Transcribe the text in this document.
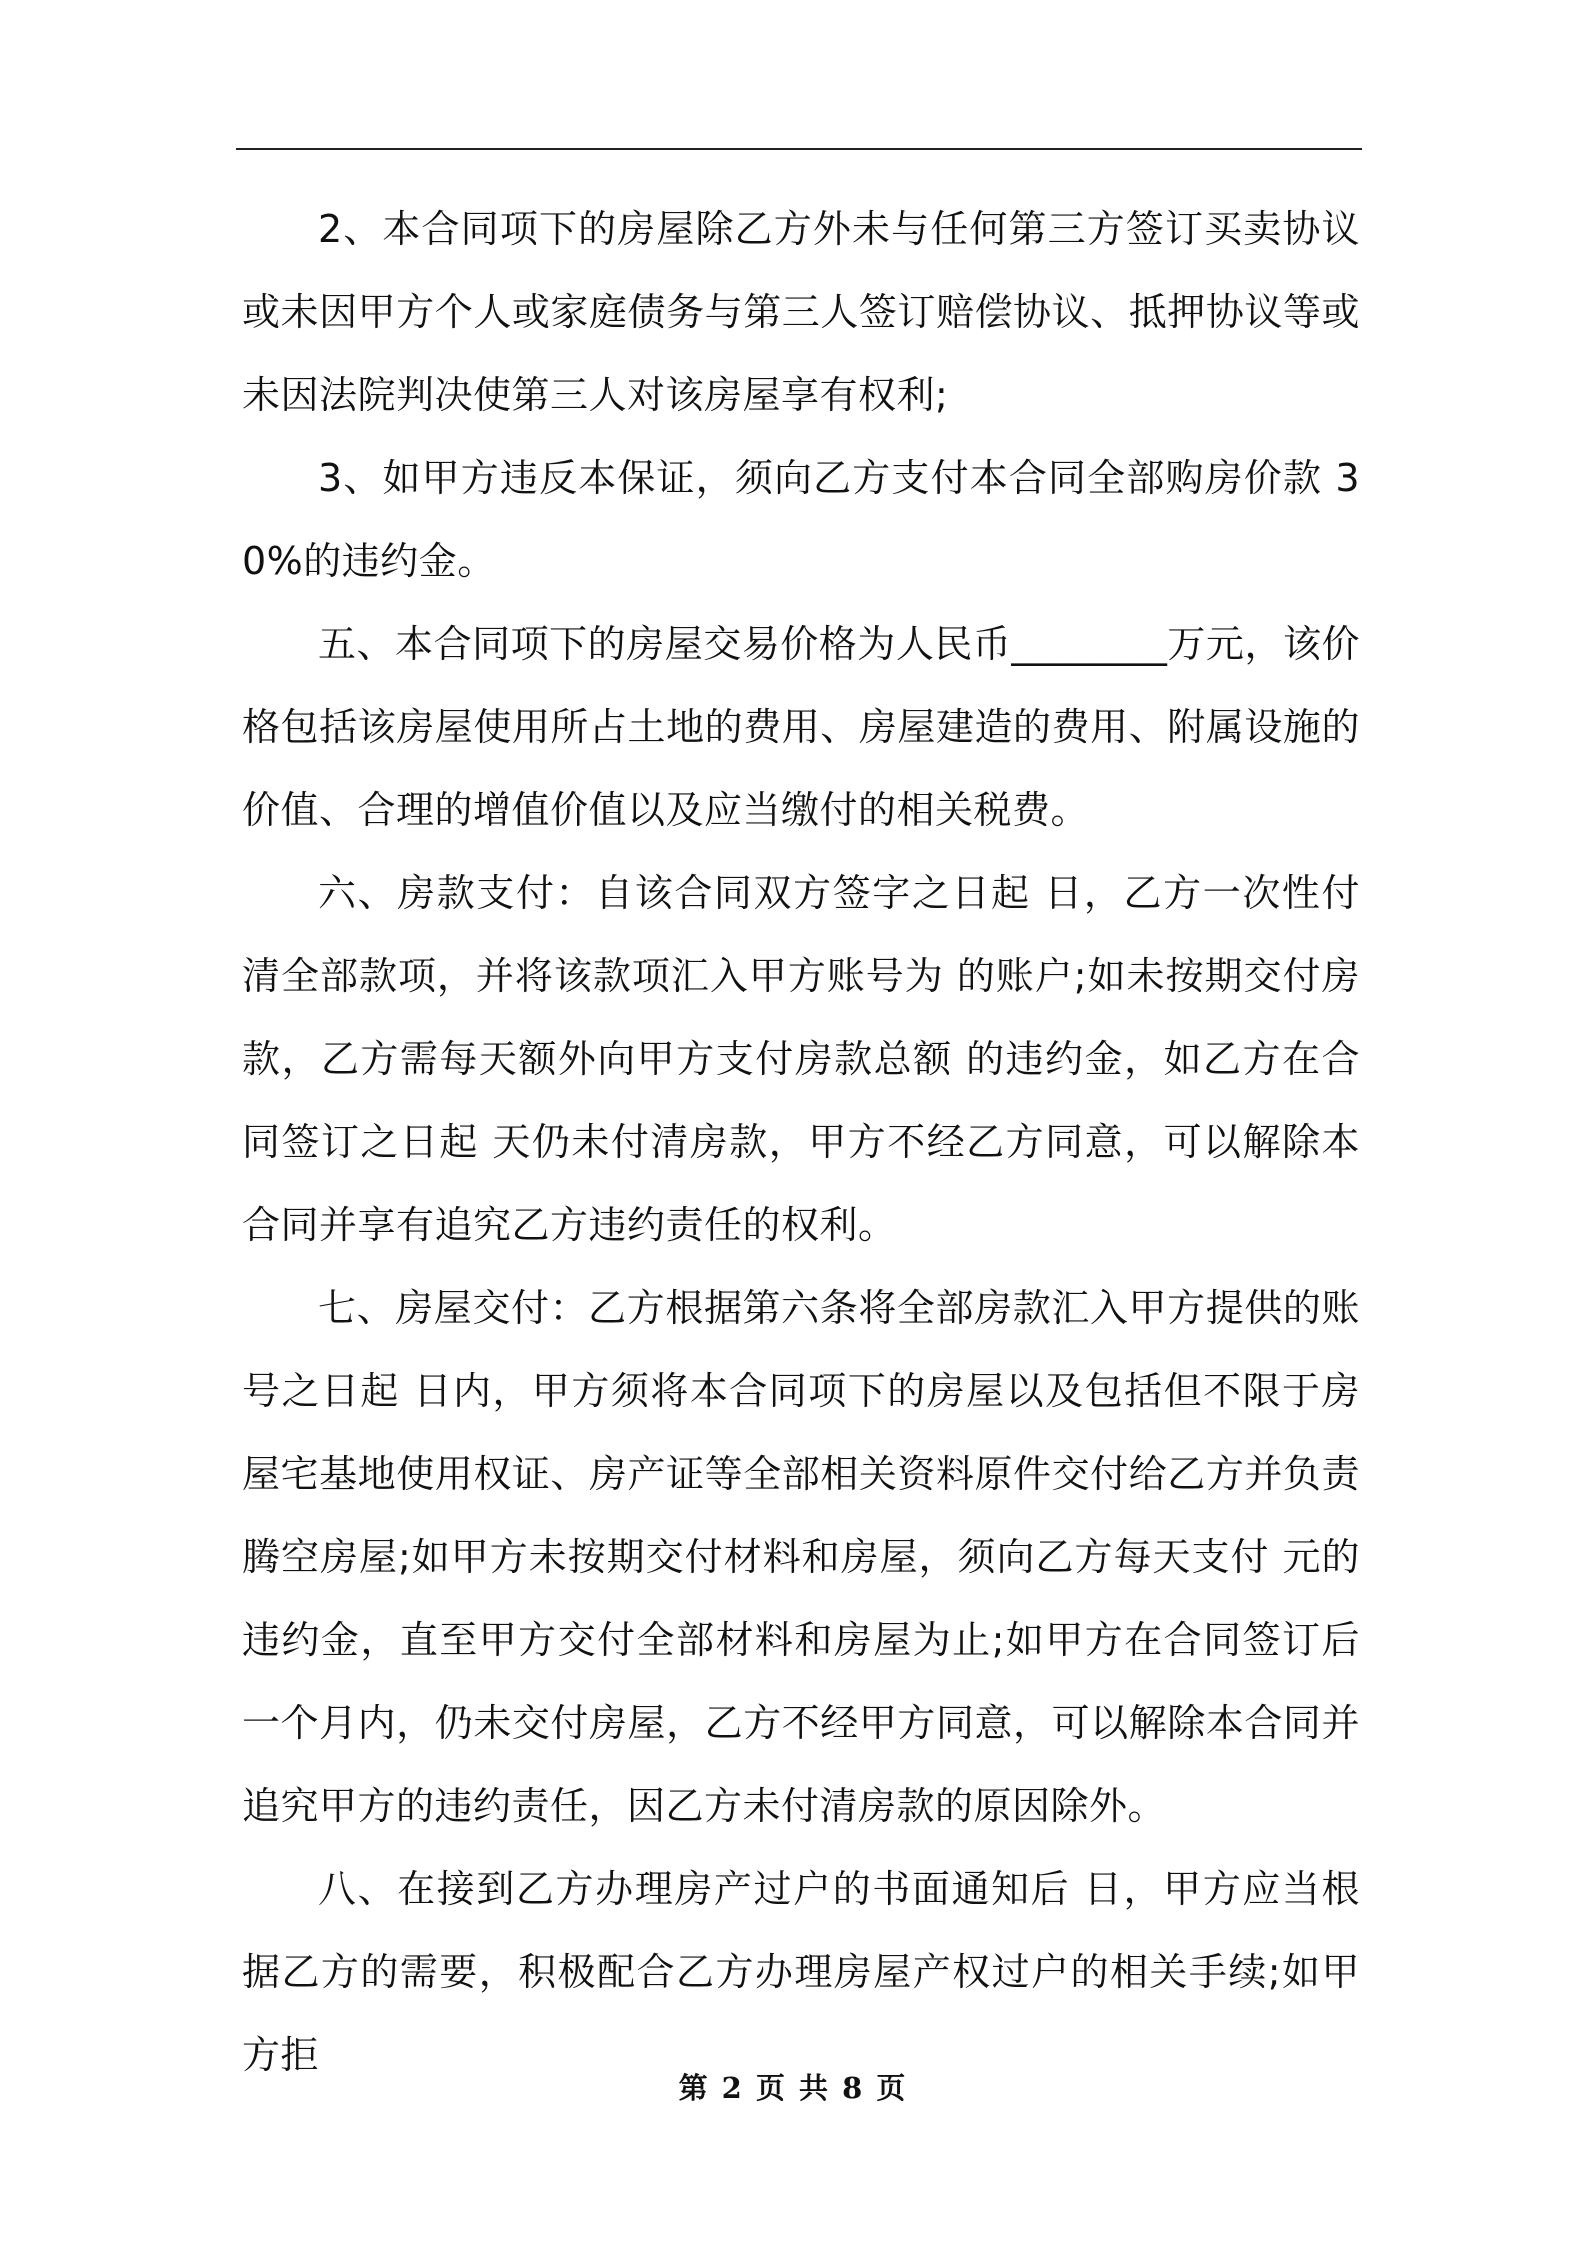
2、本合同项下的房屋除乙方外未与任何第三方签订买卖协议或未因甲方个人或家庭债务与第三人签订赔偿协议、抵押协议等或未因法院判决使第三人对该房屋享有权利;

3、如甲方违反本保证，须向乙方支付本合同全部购房价款 30%的违约金。

五、本合同项下的房屋交易价格为人民币________万元，该价格包括该房屋使用所占土地的费用、房屋建造的费用、附属设施的价值、合理的增值价值以及应当缴付的相关税费。

六、房款支付：自该合同双方签字之日起 日，乙方一次性付清全部款项，并将该款项汇入甲方账号为 的账户;如未按期交付房款，乙方需每天额外向甲方支付房款总额 的违约金，如乙方在合同签订之日起 天仍未付清房款，甲方不经乙方同意，可以解除本合同并享有追究乙方违约责任的权利。

七、房屋交付：乙方根据第六条将全部房款汇入甲方提供的账号之日起 日内，甲方须将本合同项下的房屋以及包括但不限于房屋宅基地使用权证、房产证等全部相关资料原件交付给乙方并负责腾空房屋;如甲方未按期交付材料和房屋，须向乙方每天支付 元的违约金，直至甲方交付全部材料和房屋为止;如甲方在合同签订后一个月内，仍未交付房屋，乙方不经甲方同意，可以解除本合同并追究甲方的违约责任，因乙方未付清房款的原因除外。

八、在接到乙方办理房产过户的书面通知后 日，甲方应当根据乙方的需要，积极配合乙方办理房屋产权过户的相关手续;如甲方拒

第 2 页 共 8 页
